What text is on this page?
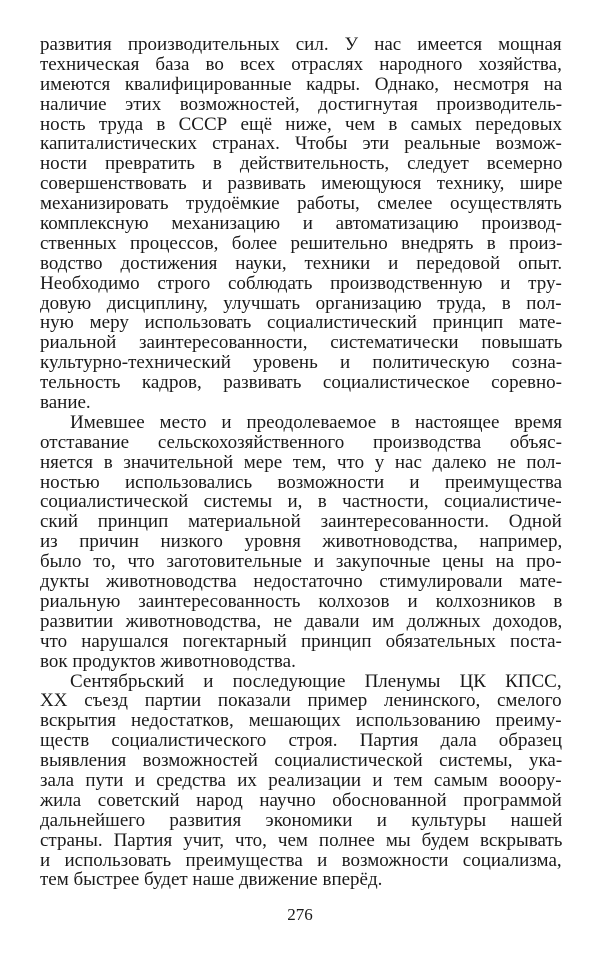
развития производительных сил. У нас имеется мощная
техническая база во всех отраслях народного хозяйства,
имеются квалифицированные кадры. Однако, несмотря на
наличие этих возможностей, достигнутая производитель-
ность труда в СССР ещё ниже, чем в самых передовых
капиталистических странах. Чтобы эти реальные возмож-
ности превратить в действительность, следует всемерно
совершенствовать и развивать имеющуюся технику, шире
механизировать трудоёмкие работы, смелее осуществлять
комплексную механизацию и автоматизацию производ-
ственных процессов, более решительно внедрять в произ-
водство достижения науки, техники и передовой опыт.
Необходимо строго соблюдать производственную и тру-
довую дисциплину, улучшать организацию труда, в пол-
ную меру использовать социалистический принцип мате-
риальной заинтересованности, систематически повышать
культурно-технический уровень и политическую созна-
тельность кадров, развивать социалистическое соревно-
вание.
Имевшее место и преодолеваемое в настоящее время
отставание сельскохозяйственного производства объяс-
няется в значительной мере тем, что у нас далеко не пол-
ностью использовались возможности и преимущества
социалистической системы и, в частности, социалистиче-
ский принцип материальной заинтересованности. Одной
из причин низкого уровня животноводства, например,
было то, что заготовительные и закупочные цены на про-
дукты животноводства недостаточно стимулировали мате-
риальную заинтересованность колхозов и колхозников в
развитии животноводства, не давали им должных доходов,
что нарушался погектарный принцип обязательных поста-
вок продуктов животноводства.
Сентябрьский и последующие Пленумы ЦК КПСС,
XX съезд партии показали пример ленинского, смелого
вскрытия недостатков, мешающих использованию преиму-
ществ социалистического строя. Партия дала образец
выявления возможностей социалистической системы, ука-
зала пути и средства их реализации и тем самым вооору-
жила советский народ научно обоснованной программой
дальнейшего развития экономики и культуры нашей
страны. Партия учит, что, чем полнее мы будем вскрывать
и использовать преимущества и возможности социализма,
тем быстрее будет наше движение вперёд.
276
